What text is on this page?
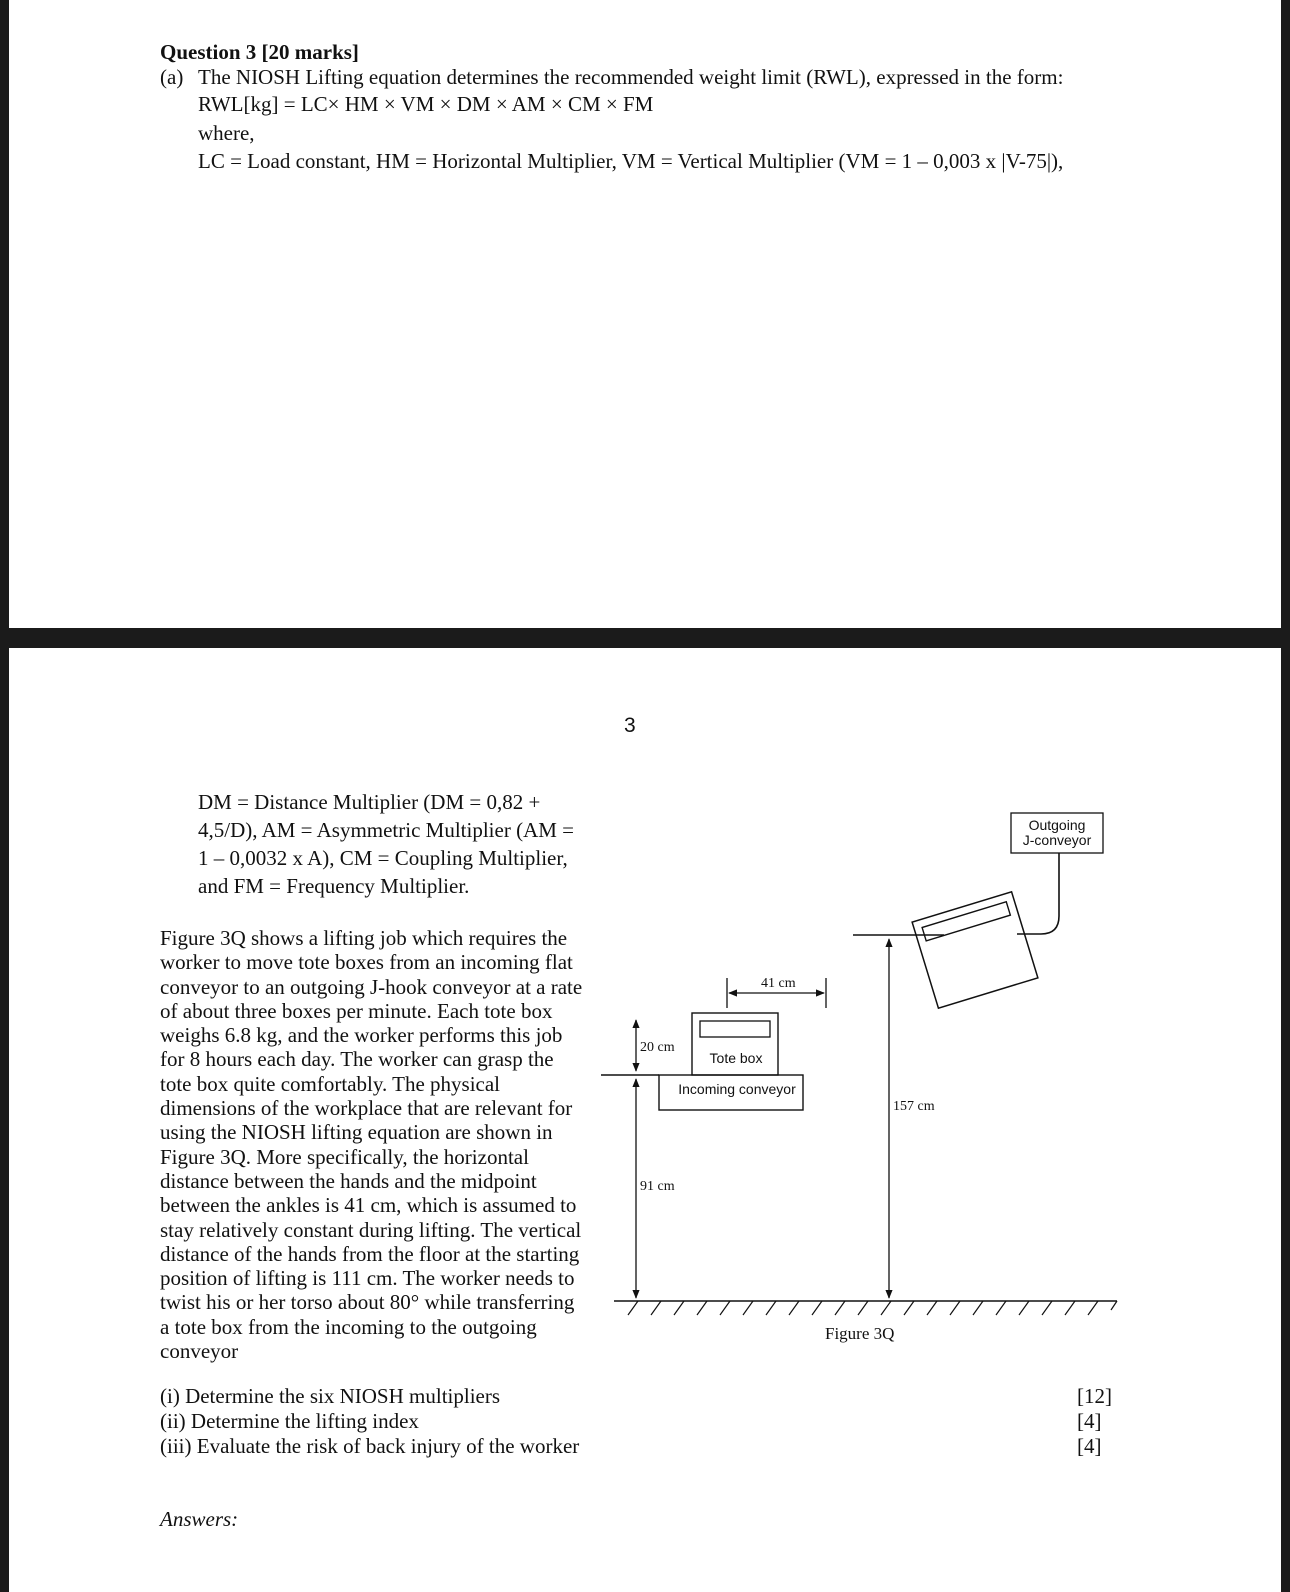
Question 3 [20 marks]
(a) The NIOSH Lifting equation determines the recommended weight limit (RWL), expressed in the form:
RWL[kg] = LC× HM × VM × DM × AM × CM × FM
where,
LC = Load constant, HM = Horizontal Multiplier, VM = Vertical Multiplier (VM = 1 – 0,003 x |V-75|),
3
DM = Distance Multiplier (DM = 0,82 +
4,5/D), AM = Asymmetric Multiplier (AM =
1 – 0,0032 x A), CM = Coupling Multiplier,
and FM = Frequency Multiplier.
Figure 3Q shows a lifting job which requires the
worker to move tote boxes from an incoming flat
conveyor to an outgoing J-hook conveyor at a rate
of about three boxes per minute. Each tote box
weighs 6.8 kg, and the worker performs this job
for 8 hours each day. The worker can grasp the
tote box quite comfortably. The physical
dimensions of the workplace that are relevant for
using the NIOSH lifting equation are shown in
Figure 3Q. More specifically, the horizontal
distance between the hands and the midpoint
between the ankles is 41 cm, which is assumed to
stay relatively constant during lifting. The vertical
distance of the hands from the floor at the starting
position of lifting is 111 cm. The worker needs to
twist his or her torso about 80° while transferring
a tote box from the incoming to the outgoing
conveyor
Outgoing
J-conveyor
157 cm
41 cm
Tote box
Incoming conveyor
20 cm
91 cm
Figure 3Q
(i) Determine the six NIOSH multipliers
(ii) Determine the lifting index
(iii) Evaluate the risk of back injury of the worker
[12]
[4]
[4]
Answers:
